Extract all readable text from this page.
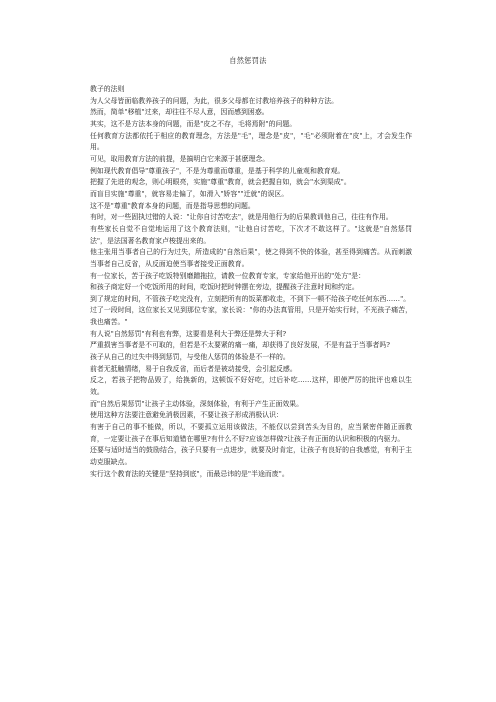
自然惩罚法

教子的法则

为人父母皆面临教养孩子的问题，为此，很多父母都在讨教培养孩子的种种方法。

然而，简单"移植"过来，却往往不尽人意，因而感到困惑。

其实，这不是方法本身的问题，而是"皮之不存，毛将焉附"的问题。

任何教育方法都依托于相应的教育理念，方法是"毛"，理念是"皮"，"毛"必须附着在"皮"上，才会发生作用。

可见，取用教育方法的前提，是搞明白它来源于甚麽理念。

例如现代教育倡导"尊重孩子"，不是为尊重而尊重，是基于科学的儿童观和教育观。

把握了先进的观念，则心明眼亮，实施"尊重"教育，就会把握自如，就会"水到渠成"。

而盲目实施"尊重"，就容易走偏了，如滑入"娇容""迁就"的误区。

这不是"尊重"教育本身的问题，而是指导思想的问题。

有时，对一些固执过错的人说："让你自讨苦吃去"，就是用他行为的后果教训他自己，往往有作用。

有些家长自觉不自觉地运用了这个教育法则，"让他自讨苦吃，下次才不敢这样了。"这就是"自然惩罚法"，是法国著名教育家卢梭提出来的。

他主张用当事者自己的行为过失，所造成的"自然后果"，使之得到不快的体验，甚至得到痛苦。从而刺激当事者自己反省，从反面迫使当事者接受正面教育。

有一位家长，苦于孩子吃饭特别磨蹭拖拉，请教一位教育专家，专家给他开出的"处方"是：

和孩子商定好一个吃饭所用的时间，吃饭时把时钟摆在旁边，提醒孩子注意时间和约定。

到了规定的时间，不管孩子吃完没有，立刻把所有的饭菜都收走，不到下一顿不给孩子吃任何东西……"。

过了一段时间，这位家长又见到那位专家，家长说："你的办法真管用，只是开始实行时，不光孩子痛苦，我也痛苦。"

有人说"自然惩罚"有利也有弊，这要看是利大于弊还是弊大于利?

严重损害当事者是不可取的，但若是不太要紧的痛一痛，却获得了良好发展，不是有益于当事者吗?

孩子从自己的过失中得到惩罚，与受他人惩罚的体验是不一样的。

前者无抵触情绪，易于自我反省，而后者是被动接受，会引起反感。

反之，若孩子把物品毁了，给换新的，这顿饭不好好吃，过后补吃……这样，即使严厉的批评也难以生效。

而"自然后果惩罚"让孩子主动体验，深刻体验，有利于产生正面效果。

使用这种方法要注意避免消极因素，不要让孩子形成消极认识：

有害于自己的事不能做，所以，不要孤立运用该做法，不能仅以尝到苦头为目的，应当紧密伴随正面教育，一定要让孩子在事后知道错在哪里?有什么不好?应该怎样做?让孩子有正面的认识和积极的内驱力。

还要与适时适当的鼓励结合，孩子只要有一点进步，就要及时肯定，让孩子有良好的自我感觉，有利于主动克服缺点。

实行这个教育法的关键是"坚持到底"，而最忌讳的是"半途而废"。
